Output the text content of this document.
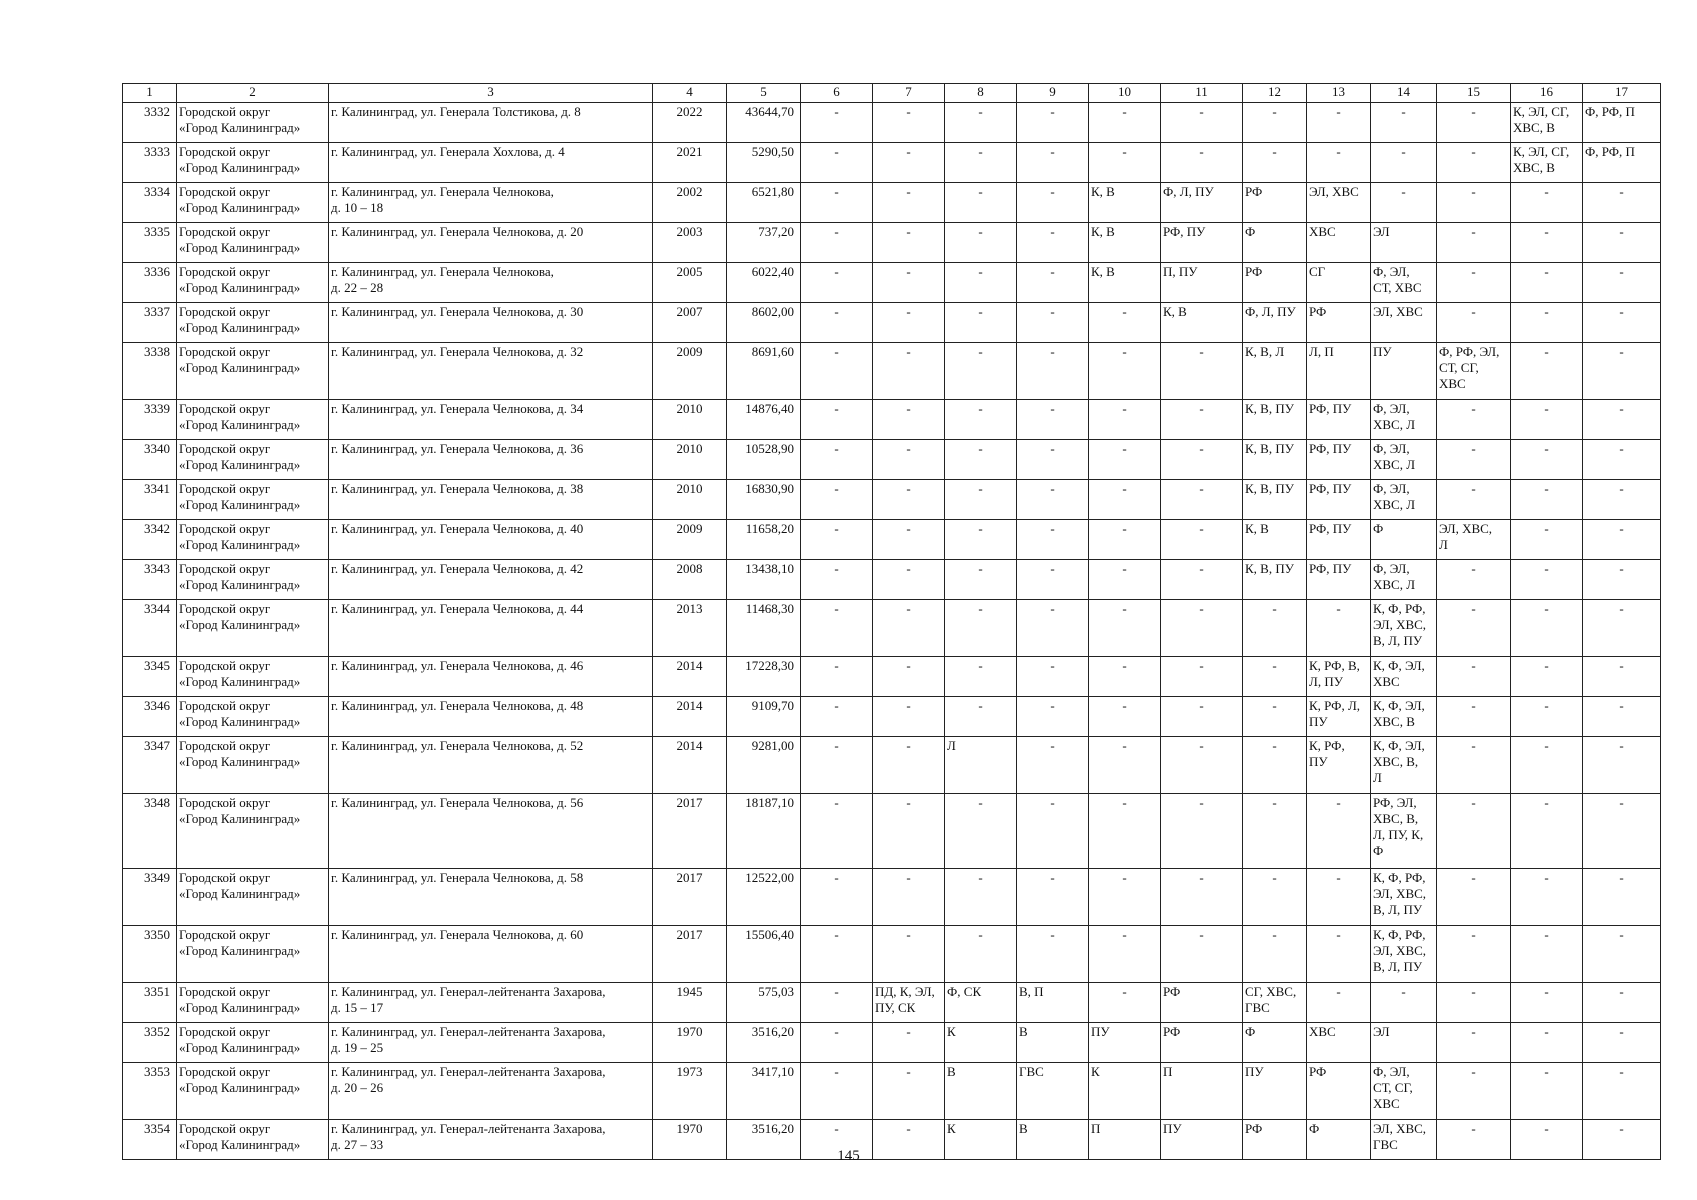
1	2	3	4	5	6	7	8	9	10	11	12	13	14	15	16	17

3332	Городской округ
«Город Калининград»	г. Калининград, ул. Генерала Толстикова, д. 8	2022	43644,70	-	-	-	-	-	-	-	-	-	-	К, ЭЛ, СГ,
ХВС, В	Ф, РФ, П

3333	Городской округ
«Город Калининград»	г. Калининград, ул. Генерала Хохлова, д. 4	2021	5290,50	-	-	-	-	-	-	-	-	-	-	К, ЭЛ, СГ,
ХВС, В	Ф, РФ, П

3334	Городской округ
«Город Калининград»	г. Калининград, ул. Генерала Челнокова,
д. 10 – 18	2002	6521,80	-	-	-	-	К, В	Ф, Л, ПУ	РФ	ЭЛ, ХВС	-	-	-	-

3335	Городской округ
«Город Калининград»	г. Калининград, ул. Генерала Челнокова, д. 20	2003	737,20	-	-	-	-	К, В	РФ, ПУ	Ф	ХВС	ЭЛ	-	-	-

3336	Городской округ
«Город Калининград»	г. Калининград, ул. Генерала Челнокова,
д. 22 – 28	2005	6022,40	-	-	-	-	К, В	П, ПУ	РФ	СГ	Ф, ЭЛ,
СТ, ХВС	-	-	-

3337	Городской округ
«Город Калининград»	г. Калининград, ул. Генерала Челнокова, д. 30	2007	8602,00	-	-	-	-	-	К, В	Ф, Л, ПУ	РФ	ЭЛ, ХВС	-	-	-

3338	Городской округ
«Город Калининград»	г. Калининград, ул. Генерала Челнокова, д. 32	2009	8691,60	-	-	-	-	-	-	К, В, Л	Л, П	ПУ	Ф, РФ, ЭЛ,
СТ, СГ,
ХВС	-	-

3339	Городской округ
«Город Калининград»	г. Калининград, ул. Генерала Челнокова, д. 34	2010	14876,40	-	-	-	-	-	-	К, В, ПУ	РФ, ПУ	Ф, ЭЛ,
ХВС, Л	-	-	-

3340	Городской округ
«Город Калининград»	г. Калининград, ул. Генерала Челнокова, д. 36	2010	10528,90	-	-	-	-	-	-	К, В, ПУ	РФ, ПУ	Ф, ЭЛ,
ХВС, Л	-	-	-

3341	Городской округ
«Город Калининград»	г. Калининград, ул. Генерала Челнокова, д. 38	2010	16830,90	-	-	-	-	-	-	К, В, ПУ	РФ, ПУ	Ф, ЭЛ,
ХВС, Л	-	-	-

3342	Городской округ
«Город Калининград»	г. Калининград, ул. Генерала Челнокова, д. 40	2009	11658,20	-	-	-	-	-	-	К, В	РФ, ПУ	Ф	ЭЛ, ХВС,
Л	-	-

3343	Городской округ
«Город Калининград»	г. Калининград, ул. Генерала Челнокова, д. 42	2008	13438,10	-	-	-	-	-	-	К, В, ПУ	РФ, ПУ	Ф, ЭЛ,
ХВС, Л	-	-	-

3344	Городской округ
«Город Калининград»	г. Калининград, ул. Генерала Челнокова, д. 44	2013	11468,30	-	-	-	-	-	-	-	-	К, Ф, РФ,
ЭЛ, ХВС,
В, Л, ПУ	-	-	-

3345	Городской округ
«Город Калининград»	г. Калининград, ул. Генерала Челнокова, д. 46	2014	17228,30	-	-	-	-	-	-	-	К, РФ, В,
Л, ПУ	К, Ф, ЭЛ,
ХВС	-	-	-

3346	Городской округ
«Город Калининград»	г. Калининград, ул. Генерала Челнокова, д. 48	2014	9109,70	-	-	-	-	-	-	-	К, РФ, Л,
ПУ	К, Ф, ЭЛ,
ХВС, В	-	-	-

3347	Городской округ
«Город Калининград»	г. Калининград, ул. Генерала Челнокова, д. 52	2014	9281,00	-	-	Л	-	-	-	-	К, РФ,
ПУ	К, Ф, ЭЛ,
ХВС, В,
Л	-	-	-

3348	Городской округ
«Город Калининград»	г. Калининград, ул. Генерала Челнокова, д. 56	2017	18187,10	-	-	-	-	-	-	-	-	РФ, ЭЛ,
ХВС, В,
Л, ПУ, К,
Ф	-	-	-

3349	Городской округ
«Город Калининград»	г. Калининград, ул. Генерала Челнокова, д. 58	2017	12522,00	-	-	-	-	-	-	-	-	К, Ф, РФ,
ЭЛ, ХВС,
В, Л, ПУ	-	-	-

3350	Городской округ
«Город Калининград»	г. Калининград, ул. Генерала Челнокова, д. 60	2017	15506,40	-	-	-	-	-	-	-	-	К, Ф, РФ,
ЭЛ, ХВС,
В, Л, ПУ	-	-	-

3351	Городской округ
«Город Калининград»	г. Калининград, ул. Генерал-лейтенанта Захарова,
д. 15 – 17	1945	575,03	-	ПД, К, ЭЛ,
ПУ, СК	Ф, СК	В, П	-	РФ	СГ, ХВС,
ГВС	-	-	-	-	-

3352	Городской округ
«Город Калининград»	г. Калининград, ул. Генерал-лейтенанта Захарова,
д. 19 – 25	1970	3516,20	-	-	К	В	ПУ	РФ	Ф	ХВС	ЭЛ	-	-	-

3353	Городской округ
«Город Калининград»	г. Калининград, ул. Генерал-лейтенанта Захарова,
д. 20 – 26	1973	3417,10	-	-	В	ГВС	К	П	ПУ	РФ	Ф, ЭЛ,
СТ, СГ,
ХВС	-	-	-

3354	Городской округ
«Город Калининград»	г. Калининград, ул. Генерал-лейтенанта Захарова,
д. 27 – 33	1970	3516,20	-	-	К	В	П	ПУ	РФ	Ф	ЭЛ, ХВС,
ГВС	-	-	-
145
